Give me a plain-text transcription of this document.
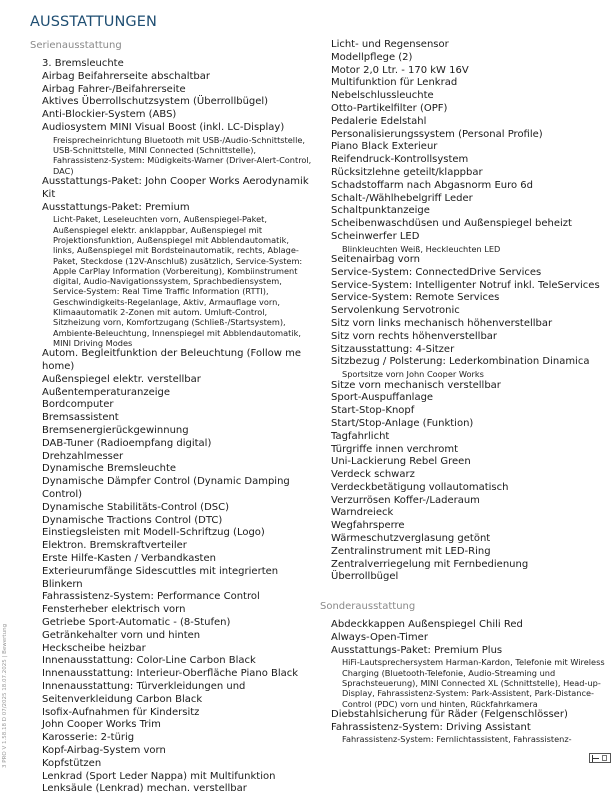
AUSSTATTUNGEN
Serienausstattung
3. Bremsleuchte
Airbag Beifahrerseite abschaltbar
Airbag Fahrer-/Beifahrerseite
Aktives Überrollschutzsystem (Überrollbügel)
Anti-Blockier-System (ABS)
Audiosystem MINI Visual Boost (inkl. LC-Display)
Freisprecheinrichtung Bluetooth mit USB-/Audio-Schnittstelle, USB-Schnittstelle, MINI Connected (Schnittstelle), Fahrassistenz-System: Müdigkeits-Warner (Driver-Alert-Control, DAC)
Ausstattungs-Paket: John Cooper Works Aerodynamik Kit
Ausstattungs-Paket: Premium
Licht-Paket, Leseleuchten vorn, Außenspiegel-Paket, Außenspiegel elektr. anklappbar, Außenspiegel mit Projektionsfunktion, Außenspiegel mit Abblendautomatik, links, Außenspiegel mit Bordsteinautomatik, rechts, Ablage-Paket, Steckdose (12V-Anschluß) zusätzlich, Service-System: Apple CarPlay Information (Vorbereitung), Kombiinstrument digital, Audio-Navigationssystem, Sprachbediensystem, Service-System: Real Time Traffic Information (RTTI), Geschwindigkeits-Regelanlage, Aktiv, Armauflage vorn, Klimaautomatik 2-Zonen mit autom. Umluft-Control, Sitzheizung vorn, Komfortzugang (Schließ-/Startsystem), Ambiente-Beleuchtung, Innenspiegel mit Abblendautomatik, MINI Driving Modes
Autom. Begleitfunktion der Beleuchtung (Follow me home)
Außenspiegel elektr. verstellbar
Außentemperaturanzeige
Bordcomputer
Bremsassistent
Bremsenergierückgewinnung
DAB-Tuner (Radioempfang digital)
Drehzahlmesser
Dynamische Bremsleuchte
Dynamische Dämpfer Control (Dynamic Damping Control)
Dynamische Stabilitäts-Control (DSC)
Dynamische Tractions Control (DTC)
Einstiegsleisten mit Modell-Schriftzug (Logo)
Elektron. Bremskraftverteiler
Erste Hilfe-Kasten / Verbandkasten
Exterieurumfänge Sidescuttles mit integrierten Blinkern
Fahrassistenz-System: Performance Control
Fensterheber elektrisch vorn
Getriebe Sport-Automatic - (8-Stufen)
Getränkehalter vorn und hinten
Heckscheibe heizbar
Innenausstattung: Color-Line Carbon Black
Innenausstattung: Interieur-Oberfläche Piano Black
Innenausstattung: Türverkleidungen und Seitenverkleidung Carbon Black
Isofix-Aufnahmen für Kindersitz
John Cooper Works Trim
Karosserie: 2-türig
Kopf-Airbag-System vorn
Kopfstützen
Lenkrad (Sport Leder Nappa) mit Multifunktion
Lenksäule (Lenkrad) mechan. verstellbar
Licht- und Regensensor
Modellpflege (2)
Motor 2,0 Ltr. - 170 kW 16V
Multifunktion für Lenkrad
Nebelschlussleuchte
Otto-Partikelfilter (OPF)
Pedalerie Edelstahl
Personalisierungssystem (Personal Profile)
Piano Black Exterieur
Reifendruck-Kontrollsystem
Rücksitzlehne geteilt/klappbar
Schadstoffarm nach Abgasnorm Euro 6d
Schalt-/Wählhebelgriff Leder
Schaltpunktanzeige
Scheibenwaschdüsen und Außenspiegel beheizt
Scheinwerfer LED
Blinkleuchten Weiß, Heckleuchten LED
Seitenairbag vorn
Service-System: ConnectedDrive Services
Service-System: Intelligenter Notruf inkl. TeleServices
Service-System: Remote Services
Servolenkung Servotronic
Sitz vorn links mechanisch höhenverstellbar
Sitz vorn rechts höhenverstellbar
Sitzausstattung: 4-Sitzer
Sitzbezug / Polsterung: Lederkombination Dinamica
Sportsitze vorn John Cooper Works
Sitze vorn mechanisch verstellbar
Sport-Auspuffanlage
Start-Stop-Knopf
Start/Stop-Anlage (Funktion)
Tagfahrlicht
Türgriffe innen verchromt
Uni-Lackierung Rebel Green
Verdeck schwarz
Verdeckbetätigung vollautomatisch
Verzurrösen Koffer-/Laderaum
Warndreieck
Wegfahrsperre
Wärmeschutzverglasung getönt
Zentralinstrument mit LED-Ring
Zentralverriegelung mit Fernbedienung
Überrollbügel
Sonderausstattung
Abdeckkappen Außenspiegel Chili Red
Always-Open-Timer
Ausstattungs-Paket: Premium Plus
HiFi-Lautsprechersystem Harman-Kardon, Telefonie mit Wireless Charging (Bluetooth-Telefonie, Audio-Streaming und Sprachsteuerung), MINI Connected XL (Schnittstelle), Head-up-Display, Fahrassistenz-System: Park-Assistent, Park-Distance-Control (PDC) vorn und hinten, Rückfahrkamera
Diebstahlsicherung für Räder (Felgenschlösser)
Fahrassistenz-System: Driving Assistant
Fahrassistenz-System: Fernlichtassistent, Fahrassistenz-
3 PRO V 1.58.18 D 07/2025 18.07.2025 | Bewertung
